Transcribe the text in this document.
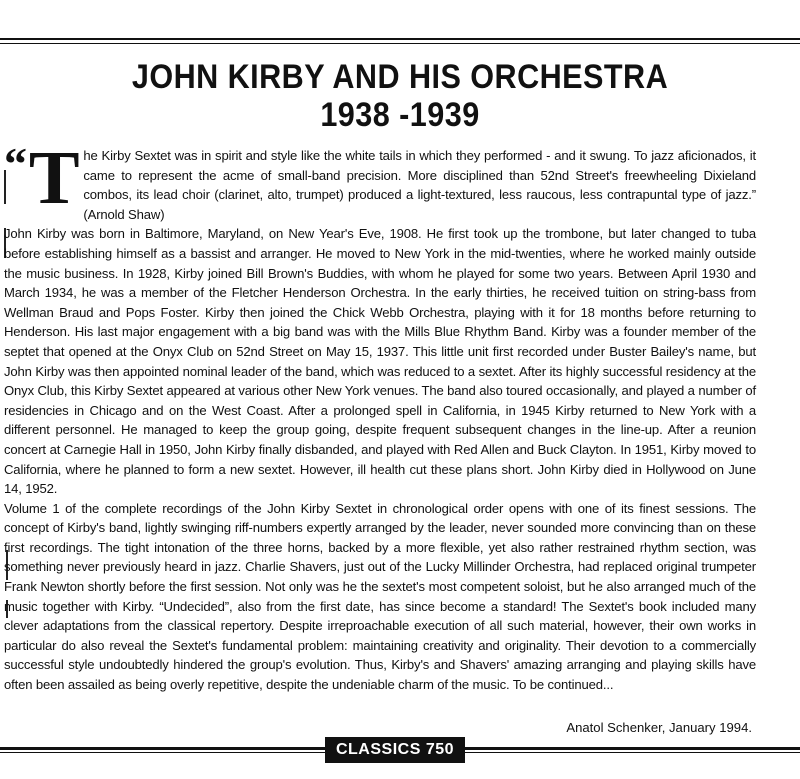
JOHN KIRBY AND HIS ORCHESTRA
1938 -1939

“ T he Kirby Sextet was in spirit and style like the white tails in which they performed - and it swung. To jazz aficionados, it came to represent the acme of small-band precision. More disciplined than 52nd Street's freewheeling Dixieland combos, its lead choir (clarinet, alto, trumpet) produced a light-textured, less raucous, less contrapuntal type of jazz.” (Arnold Shaw)

John Kirby was born in Baltimore, Maryland, on New Year's Eve, 1908. He first took up the trombone, but later changed to tuba before establishing himself as a bassist and arranger. He moved to New York in the mid-twenties, where he worked mainly outside the music business. In 1928, Kirby joined Bill Brown's Buddies, with whom he played for some two years. Between April 1930 and March 1934, he was a member of the Fletcher Henderson Orchestra. In the early thirties, he received tuition on string-bass from Wellman Braud and Pops Foster. Kirby then joined the Chick Webb Orchestra, playing with it for 18 months before returning to Henderson. His last major engagement with a big band was with the Mills Blue Rhythm Band. Kirby was a founder member of the septet that opened at the Onyx Club on 52nd Street on May 15, 1937. This little unit first recorded under Buster Bailey's name, but John Kirby was then appointed nominal leader of the band, which was reduced to a sextet. After its highly successful residency at the Onyx Club, this Kirby Sextet appeared at various other New York venues. The band also toured occasionally, and played a number of residencies in Chicago and on the West Coast. After a prolonged spell in California, in 1945 Kirby returned to New York with a different personnel. He managed to keep the group going, despite frequent subsequent changes in the line-up. After a reunion concert at Carnegie Hall in 1950, John Kirby finally disbanded, and played with Red Allen and Buck Clayton. In 1951, Kirby moved to California, where he planned to form a new sextet. However, ill health cut these plans short. John Kirby died in Hollywood on June 14, 1952.

Volume 1 of the complete recordings of the John Kirby Sextet in chronological order opens with one of its finest sessions. The concept of Kirby's band, lightly swinging riff-numbers expertly arranged by the leader, never sounded more convincing than on these first recordings. The tight intonation of the three horns, backed by a more flexible, yet also rather restrained rhythm section, was something never previously heard in jazz. Charlie Shavers, just out of the Lucky Millinder Orchestra, had replaced original trumpeter Frank Newton shortly before the first session. Not only was he the sextet's most competent soloist, but he also arranged much of the music together with Kirby. “Undecided”, also from the first date, has since become a standard! The Sextet's book included many clever adaptations from the classical repertory. Despite irreproachable execution of all such material, however, their own works in particular do also reveal the Sextet's fundamental problem: maintaining creativity and originality. Their devotion to a commercially successful style undoubtedly hindered the group's evolution. Thus, Kirby's and Shavers' amazing arranging and playing skills have often been assailed as being overly repetitive, despite the undeniable charm of the music. To be continued...

Anatol Schenker, January 1994.
CLASSICS 750
